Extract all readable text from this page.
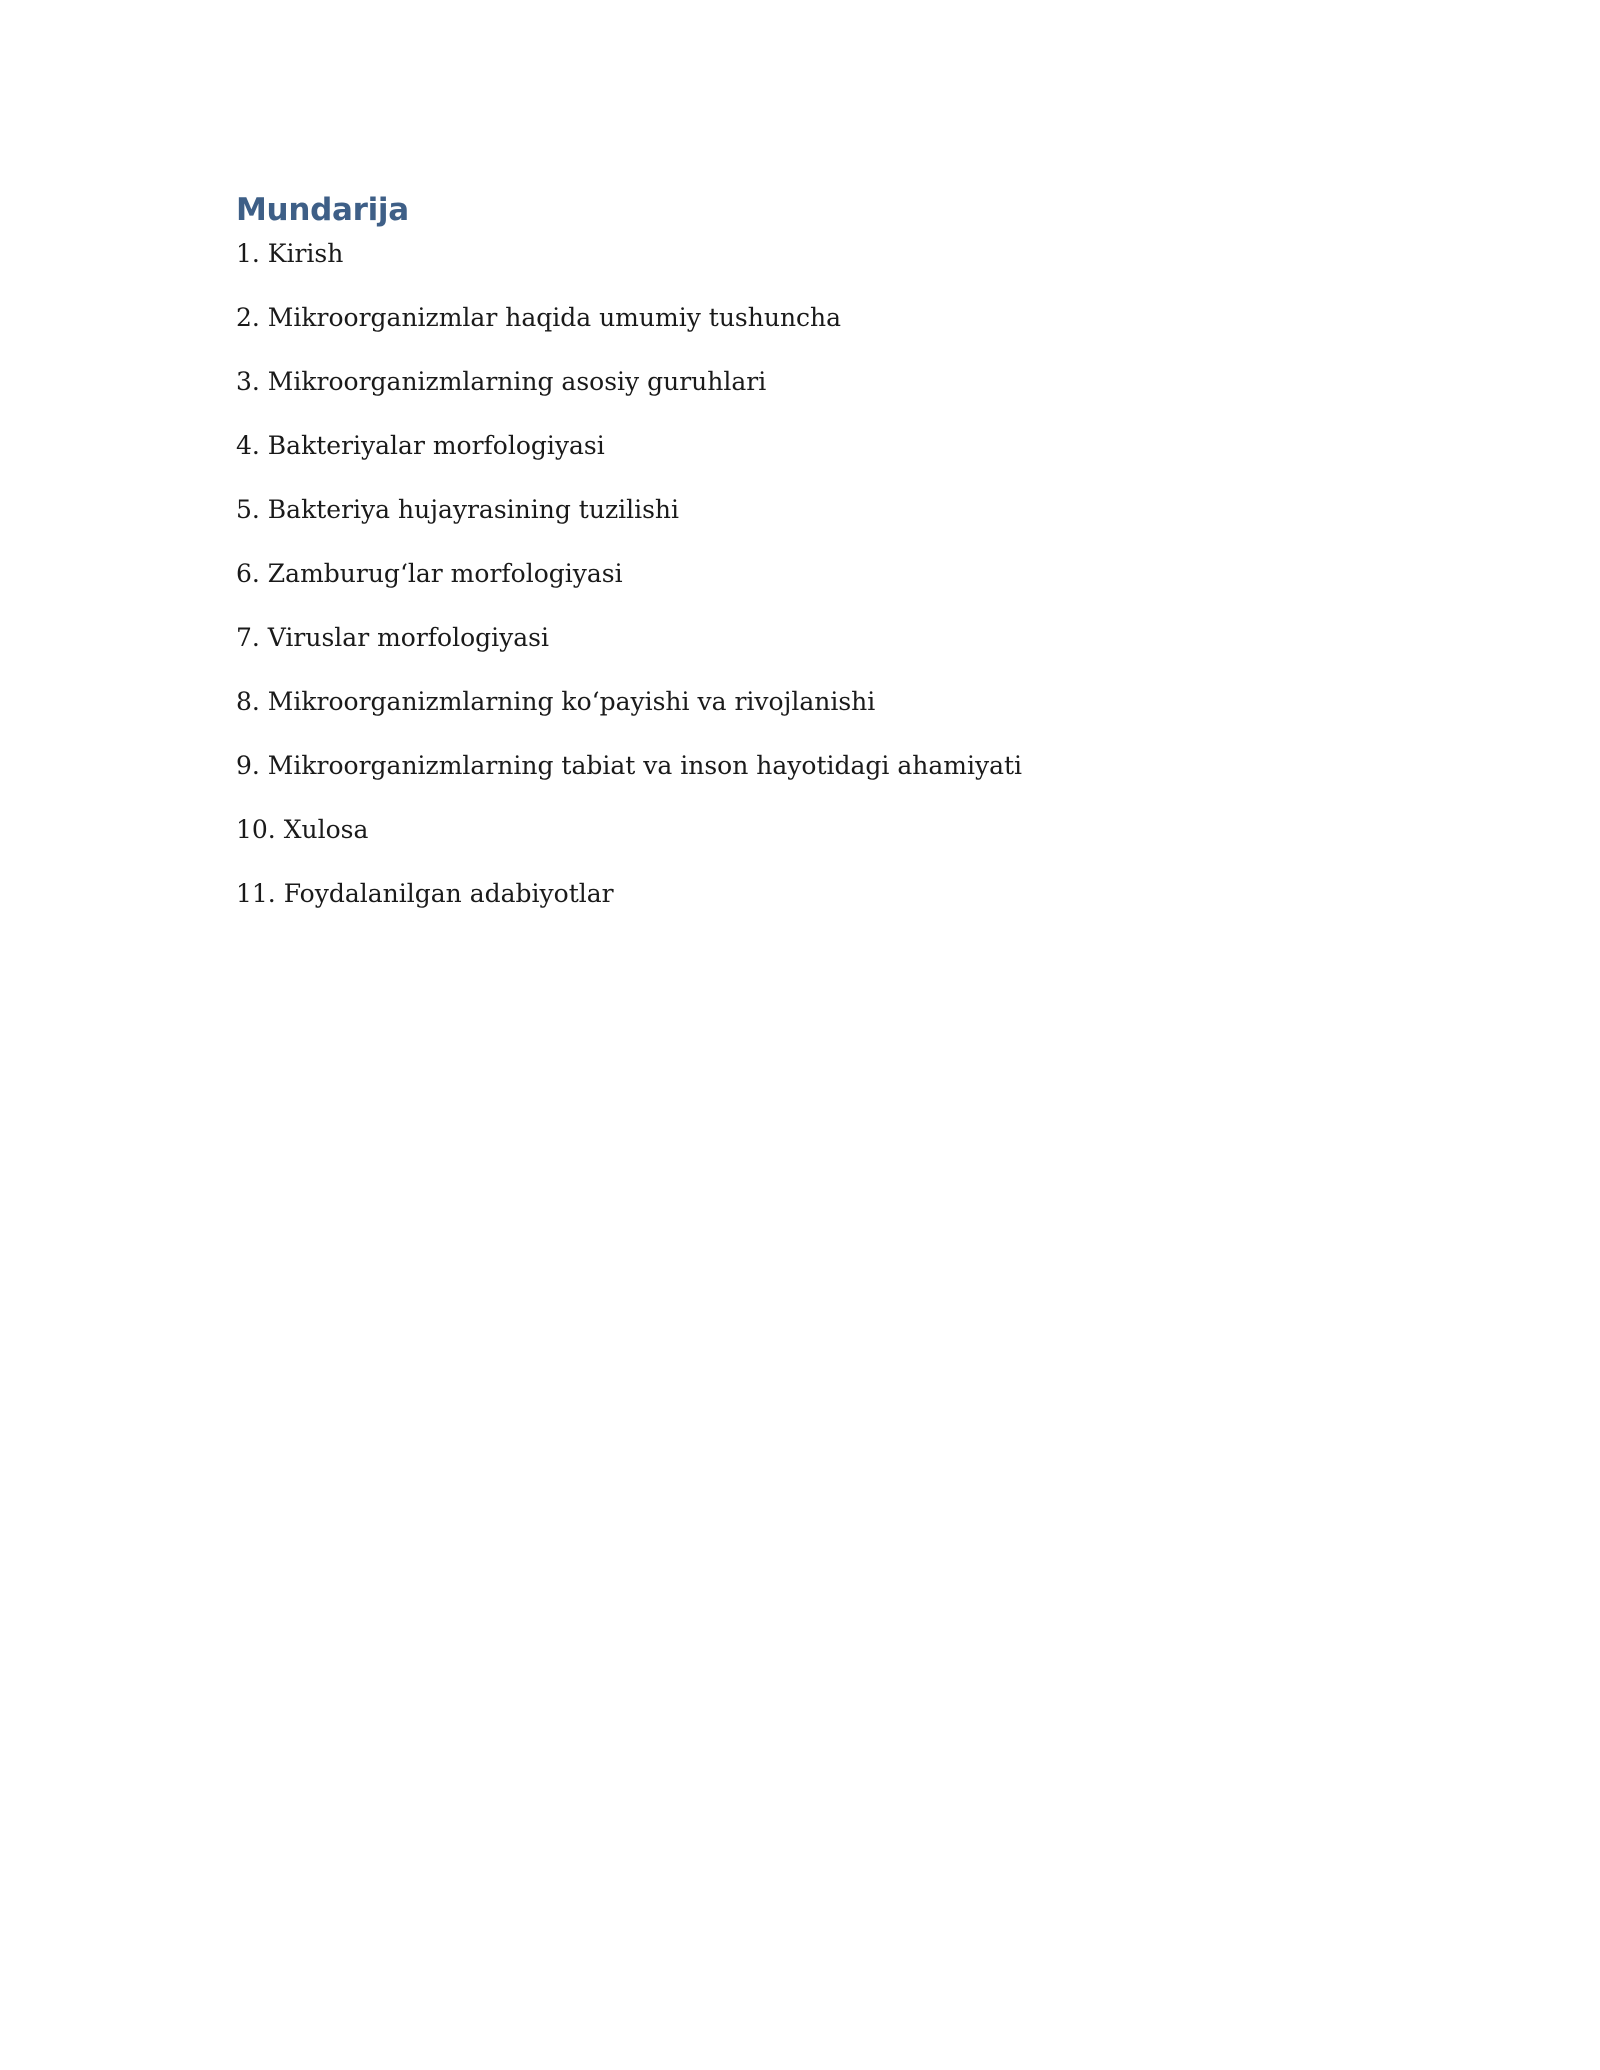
Mundarija
1. Kirish
2. Mikroorganizmlar haqida umumiy tushuncha
3. Mikroorganizmlarning asosiy guruhlari
4. Bakteriyalar morfologiyasi
5. Bakteriya hujayrasining tuzilishi
6. Zamburug‘lar morfologiyasi
7. Viruslar morfologiyasi
8. Mikroorganizmlarning ko‘payishi va rivojlanishi
9. Mikroorganizmlarning tabiat va inson hayotidagi ahamiyati
10. Xulosa
11. Foydalanilgan adabiyotlar
